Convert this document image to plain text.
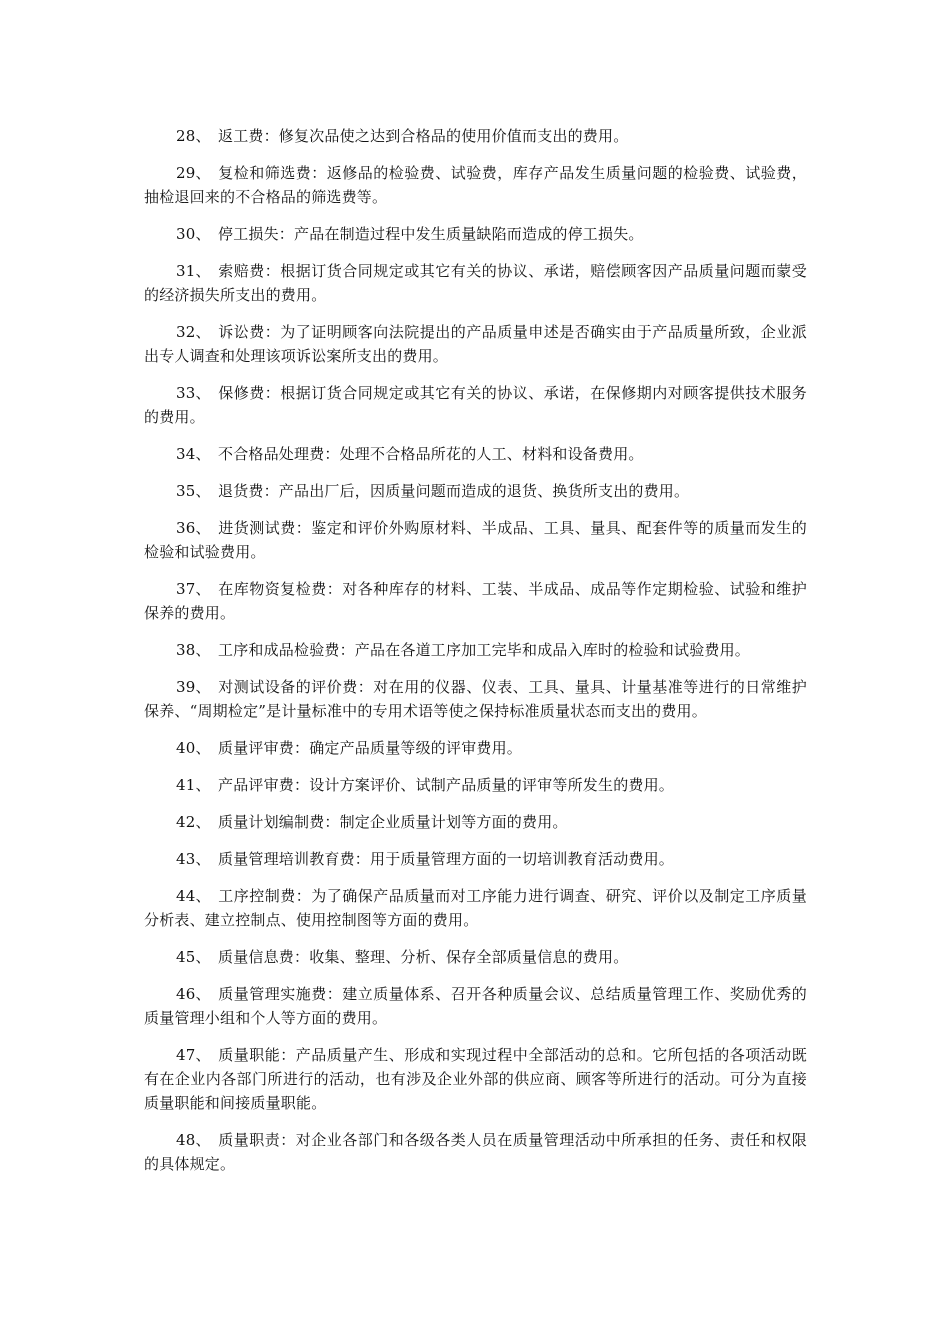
28、 返工费：修复次品使之达到合格品的使用价值而支出的费用。

29、 复检和筛选费：返修品的检验费、试验费，库存产品发生质量问题的检验费、试验费，抽检退回来的不合格品的筛选费等。

30、 停工损失：产品在制造过程中发生质量缺陷而造成的停工损失。

31、 索赔费：根据订货合同规定或其它有关的协议、承诺，赔偿顾客因产品质量问题而蒙受的经济损失所支出的费用。

32、 诉讼费：为了证明顾客向法院提出的产品质量申述是否确实由于产品质量所致，企业派出专人调查和处理该项诉讼案所支出的费用。

33、 保修费：根据订货合同规定或其它有关的协议、承诺，在保修期内对顾客提供技术服务的费用。

34、 不合格品处理费：处理不合格品所花的人工、材料和设备费用。

35、 退货费：产品出厂后，因质量问题而造成的退货、换货所支出的费用。

36、 进货测试费：鉴定和评价外购原材料、半成品、工具、量具、配套件等的质量而发生的检验和试验费用。

37、 在库物资复检费：对各种库存的材料、工装、半成品、成品等作定期检验、试验和维护保养的费用。

38、 工序和成品检验费：产品在各道工序加工完毕和成品入库时的检验和试验费用。

39、 对测试设备的评价费：对在用的仪器、仪表、工具、量具、计量基准等进行的日常维护保养、“周期检定”是计量标准中的专用术语等使之保持标准质量状态而支出的费用。

40、 质量评审费：确定产品质量等级的评审费用。

41、 产品评审费：设计方案评价、试制产品质量的评审等所发生的费用。

42、 质量计划编制费：制定企业质量计划等方面的费用。

43、 质量管理培训教育费：用于质量管理方面的一切培训教育活动费用。

44、 工序控制费：为了确保产品质量而对工序能力进行调查、研究、评价以及制定工序质量分析表、建立控制点、使用控制图等方面的费用。

45、 质量信息费：收集、整理、分析、保存全部质量信息的费用。

46、 质量管理实施费：建立质量体系、召开各种质量会议、总结质量管理工作、奖励优秀的质量管理小组和个人等方面的费用。

47、 质量职能：产品质量产生、形成和实现过程中全部活动的总和。它所包括的各项活动既有在企业内各部门所进行的活动，也有涉及企业外部的供应商、顾客等所进行的活动。可分为直接质量职能和间接质量职能。

48、 质量职责：对企业各部门和各级各类人员在质量管理活动中所承担的任务、责任和权限的具体规定。
